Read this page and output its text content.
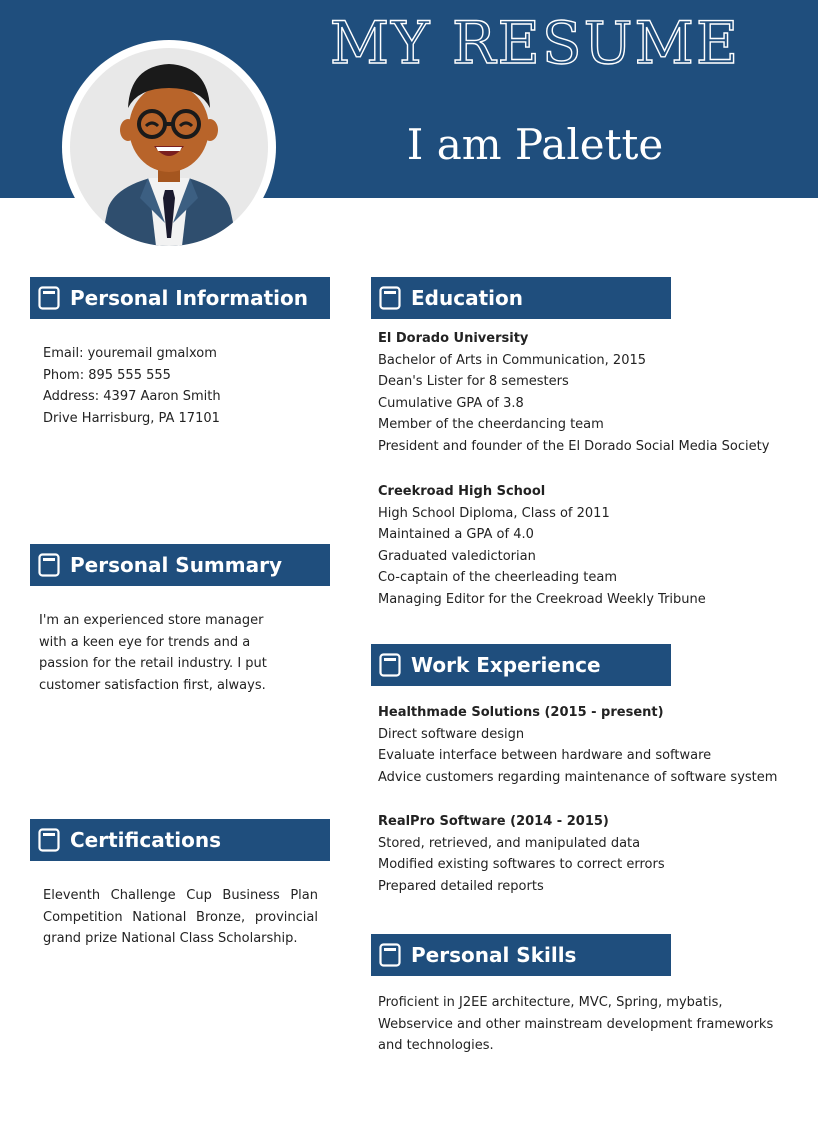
MY RESUME
I am Palette
Personal Information
Email: youremail gmalxom
Phom: 895 555 555
Address: 4397 Aaron Smith
Drive Harrisburg, PA 17101
Personal Summary
I'm an experienced store manager
with a keen eye for trends and a
passion for the retail industry. I put
customer satisfaction first, always.
Certifications
Eleventh Challenge Cup Business Plan
Competition National Bronze, provincial
grand prize National Class Scholarship.
Education
El Dorado University
Bachelor of Arts in Communication, 2015
Dean's Lister for 8 semesters
Cumulative GPA of 3.8
Member of the cheerdancing team
President and founder of the El Dorado Social Media Society
Creekroad High School
High School Diploma, Class of 2011
Maintained a GPA of 4.0
Graduated valedictorian
Co-captain of the cheerleading team
Managing Editor for the Creekroad Weekly Tribune
Work Experience
Healthmade Solutions (2015 - present)
Direct software design
Evaluate interface between hardware and software
Advice customers regarding maintenance of software system
RealPro Software (2014 - 2015)
Stored, retrieved, and manipulated data
Modified existing softwares to correct errors
Prepared detailed reports
Personal Skills
Proficient in J2EE architecture, MVC, Spring, mybatis,
Webservice and other mainstream development frameworks
and technologies.
